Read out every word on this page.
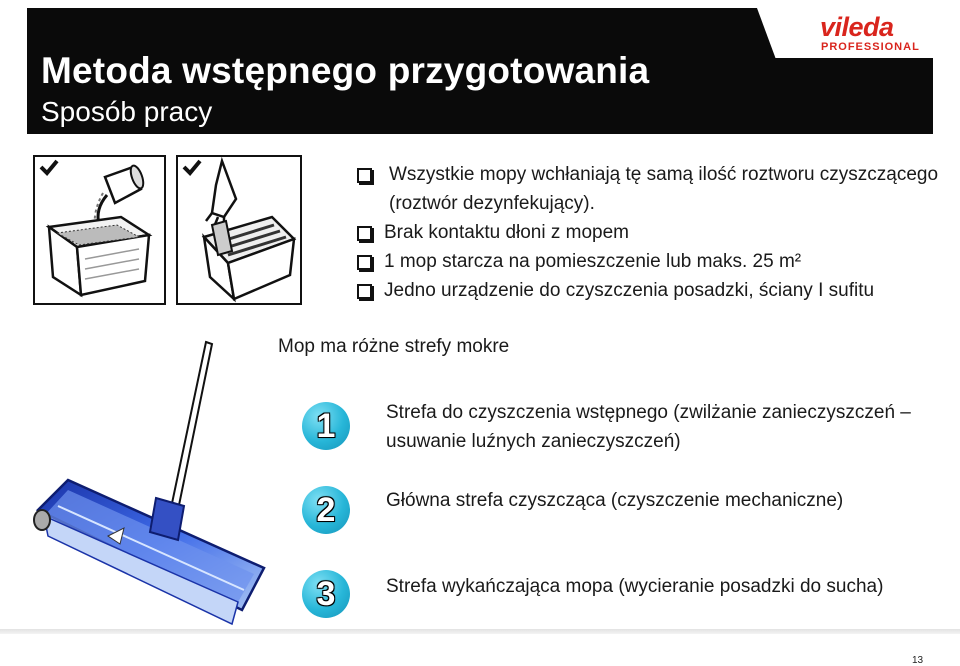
Metoda wstępnego przygotowania
Sposób pracy
vileda
PROFESSIONAL
Wszystkie mopy wchłaniają tę samą ilość roztworu czyszczącego (roztwór dezynfekujący).
Brak kontaktu dłoni z mopem
1 mop starcza na pomieszczenie lub maks. 25 m²
Jedno urządzenie do czyszczenia posadzki, ściany I sufitu
Mop ma różne strefy mokre
1
2
3
Strefa do czyszczenia wstępnego (zwilżanie zanieczyszczeń – usuwanie luźnych zanieczyszczeń)
Główna strefa czyszcząca (czyszczenie mechaniczne)
Strefa wykańczająca mopa (wycieranie posadzki do sucha)
13
